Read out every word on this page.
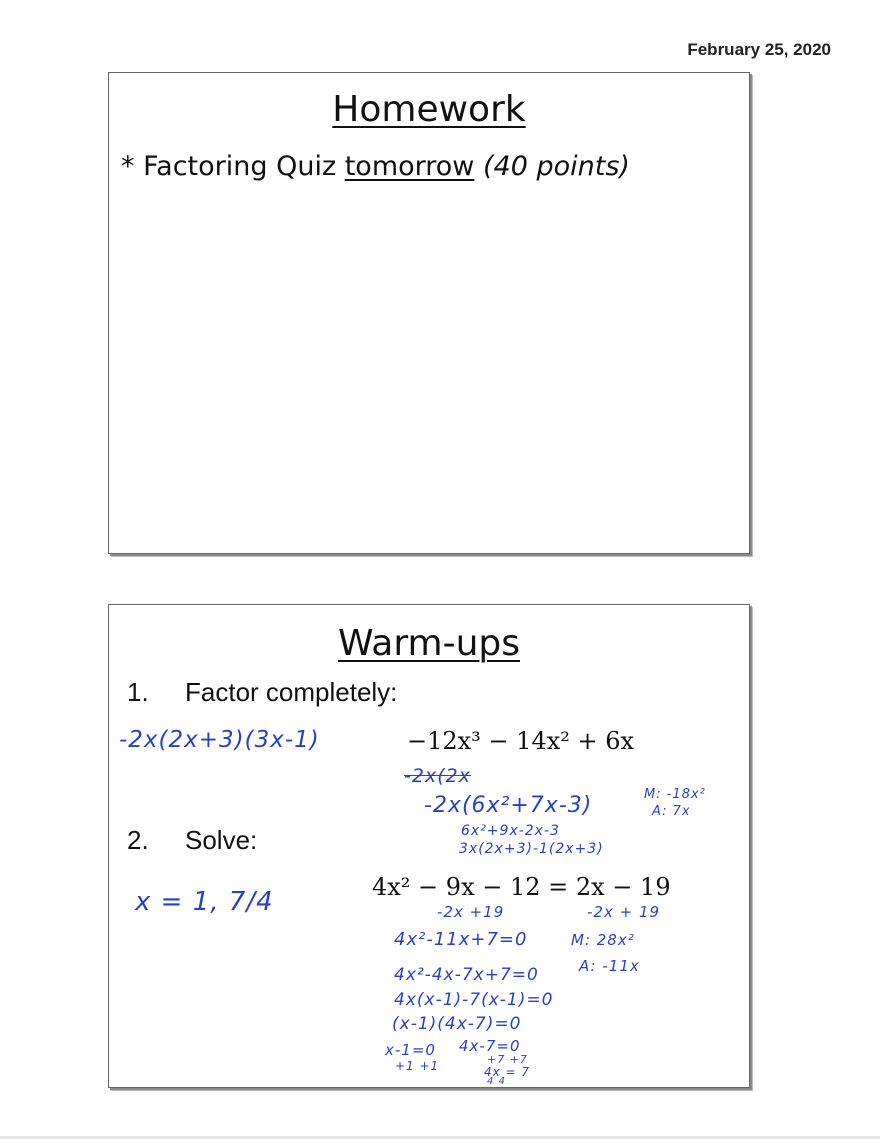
February 25, 2020
Homework
* Factoring Quiz tomorrow (40 points)
Warm-ups
1. Factor completely:
−12x³ − 14x² + 6x
-2x(2x+3)(3x-1)
-2x(2x
-2x(6x²+7x-3)	M: -18x²
A: 7x
6x²+9x-2x-3
3x(2x+3)-1(2x+3)
2. Solve:
4x² − 9x − 12 = 2x − 19
x = 1, 7/4	-2x +19	-2x + 19
4x²-11x+7=0	M: 28x²
A: -11x
4x²-4x-7x+7=0
4x(x-1)-7(x-1)=0
(x-1)(4x-7)=0
x-1=0
+1 +1
4x-7=0
+7 +7
4x = 7
4 4
